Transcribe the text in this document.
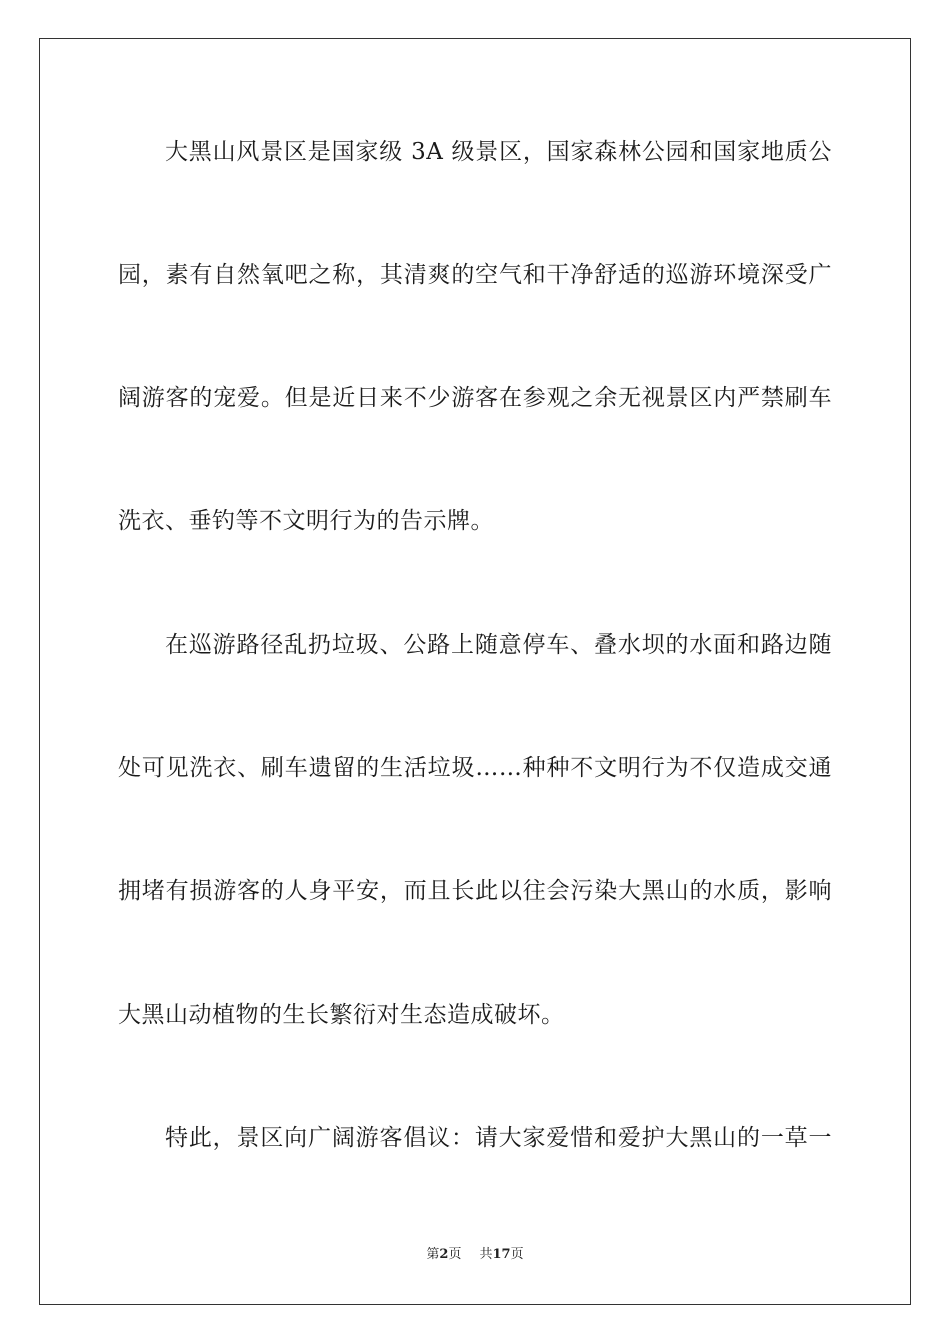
大黑山风景区是国家级 3A 级景区，国家森林公园和国家地质公
园，素有自然氧吧之称，其清爽的空气和干净舒适的巡游环境深受广
阔游客的宠爱。但是近日来不少游客在参观之余无视景区内严禁刷车
洗衣、垂钓等不文明行为的告示牌。
在巡游路径乱扔垃圾、公路上随意停车、叠水坝的水面和路边随
处可见洗衣、刷车遗留的生活垃圾……种种不文明行为不仅造成交通
拥堵有损游客的人身平安，而且长此以往会污染大黑山的水质，影响
大黑山动植物的生长繁衍对生态造成破坏。
特此，景区向广阔游客倡议：请大家爱惜和爱护大黑山的一草一
第2页 共17页
